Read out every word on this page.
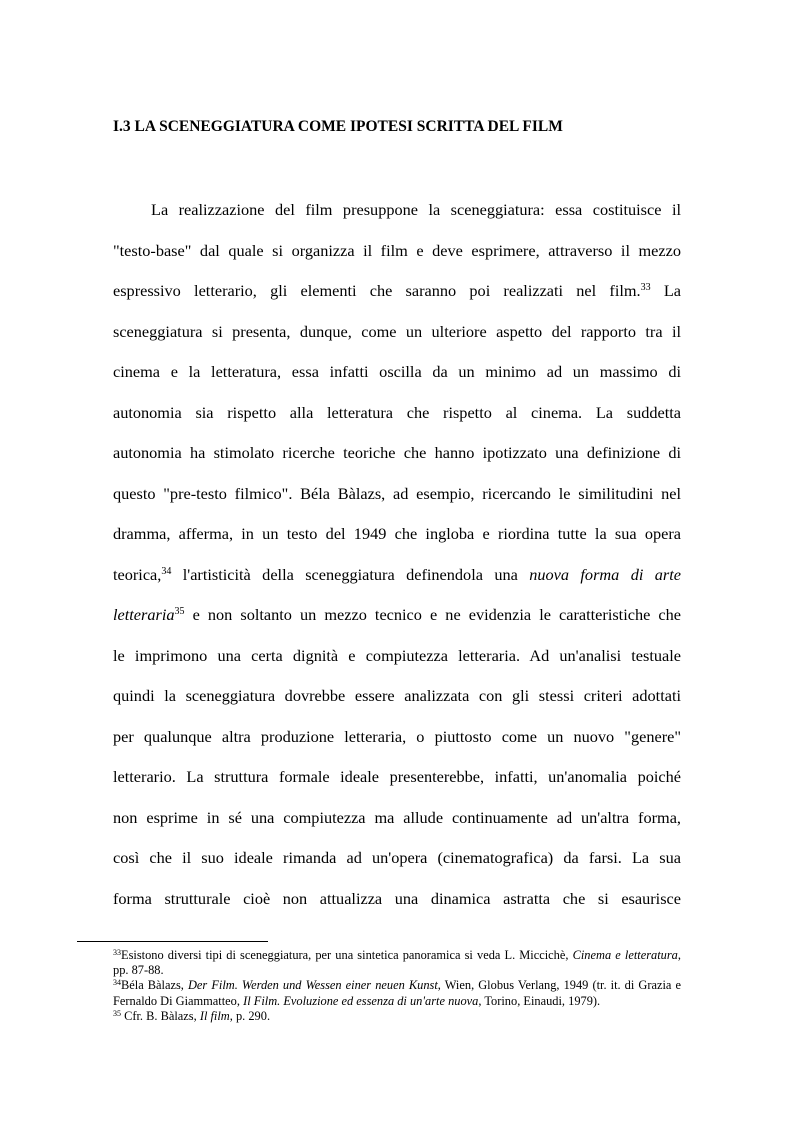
I.3 LA SCENEGGIATURA COME IPOTESI SCRITTA DEL FILM
La realizzazione del film presuppone la sceneggiatura: essa costituisce il
"testo-base" dal quale si organizza il film e deve esprimere, attraverso il mezzo
espressivo letterario, gli elementi che saranno poi realizzati nel film.$^{33}$ La
sceneggiatura si presenta, dunque, come un ulteriore aspetto del rapporto tra il
cinema e la letteratura, essa infatti oscilla da un minimo ad un massimo di
autonomia sia rispetto alla letteratura che rispetto al cinema. La suddetta
autonomia ha stimolato ricerche teoriche che hanno ipotizzato una definizione di
questo "pre-testo filmico". Béla Bàlazs, ad esempio, ricercando le similitudini nel
dramma, afferma, in un testo del 1949 che ingloba e riordina tutte la sua opera
teorica,$^{34}$ l'artisticità della sceneggiatura definendola una nuova forma di arte
letteraria$^{35}$ e non soltanto un mezzo tecnico e ne evidenzia le caratteristiche che
le imprimono una certa dignità e compiutezza letteraria. Ad un'analisi testuale
quindi la sceneggiatura dovrebbe essere analizzata con gli stessi criteri adottati
per qualunque altra produzione letteraria, o piuttosto come un nuovo "genere"
letterario. La struttura formale ideale presenterebbe, infatti, un'anomalia poiché
non esprime in sé una compiutezza ma allude continuamente ad un'altra forma,
così che il suo ideale rimanda ad un'opera (cinematografica) da farsi. La sua
forma strutturale cioè non attualizza una dinamica astratta che si esaurisce

$^{33}$Esistono diversi tipi di sceneggiatura, per una sintetica panoramica si veda L. Miccichè, Cinema e letteratura, pp. 87-88.

$^{34}$Béla Bàlazs, Der Film. Werden und Wessen einer neuen Kunst, Wien, Globus Verlang, 1949 (tr. it. di Grazia e Fernaldo Di Giammatteo, Il Film. Evoluzione ed essenza di un'arte nuova, Torino, Einaudi, 1979).

$^{35}$ Cfr. B. Bàlazs, Il film, p. 290.
